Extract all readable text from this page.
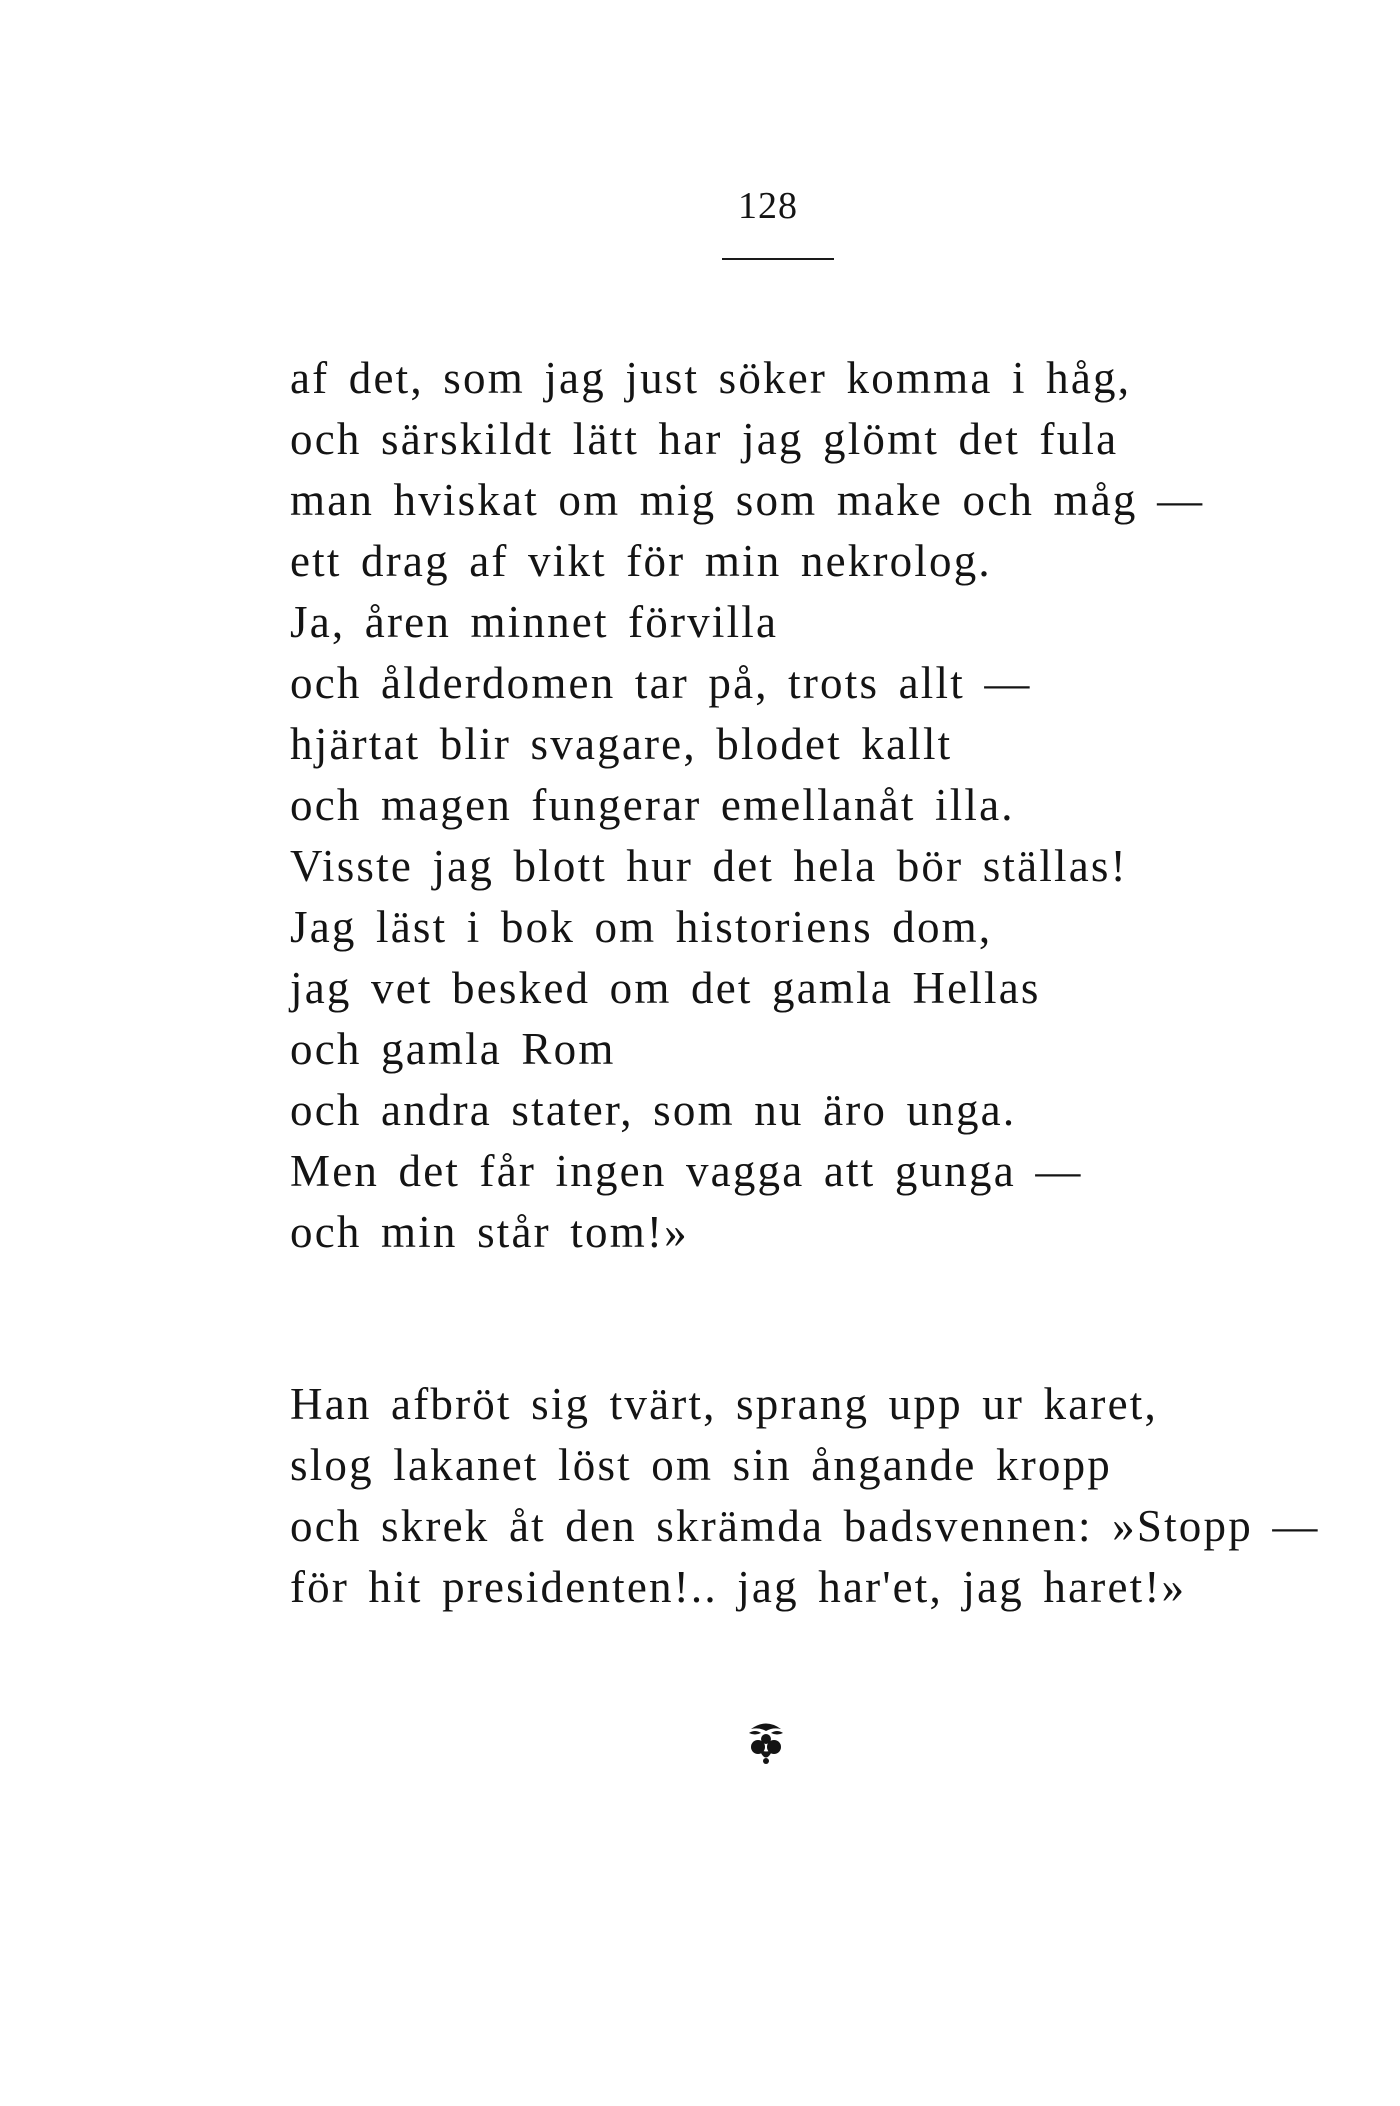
128
af det, som jag just söker komma i håg,
och särskildt lätt har jag glömt det fula
man hviskat om mig som make och måg —
ett drag af vikt för min nekrolog.
Ja, åren minnet förvilla
och ålderdomen tar på, trots allt —
hjärtat blir svagare, blodet kallt
och magen fungerar emellanåt illa.
Visste jag blott hur det hela bör ställas!
Jag läst i bok om historiens dom,
jag vet besked om det gamla Hellas
och gamla Rom
och andra stater, som nu äro unga.
Men det får ingen vagga att gunga —
och min står tom!»
Han afbröt sig tvärt, sprang upp ur karet,
slog lakanet löst om sin ångande kropp
och skrek åt den skrämda badsvennen: »Stopp —
för hit presidenten!.. jag har'et, jag haret!»
